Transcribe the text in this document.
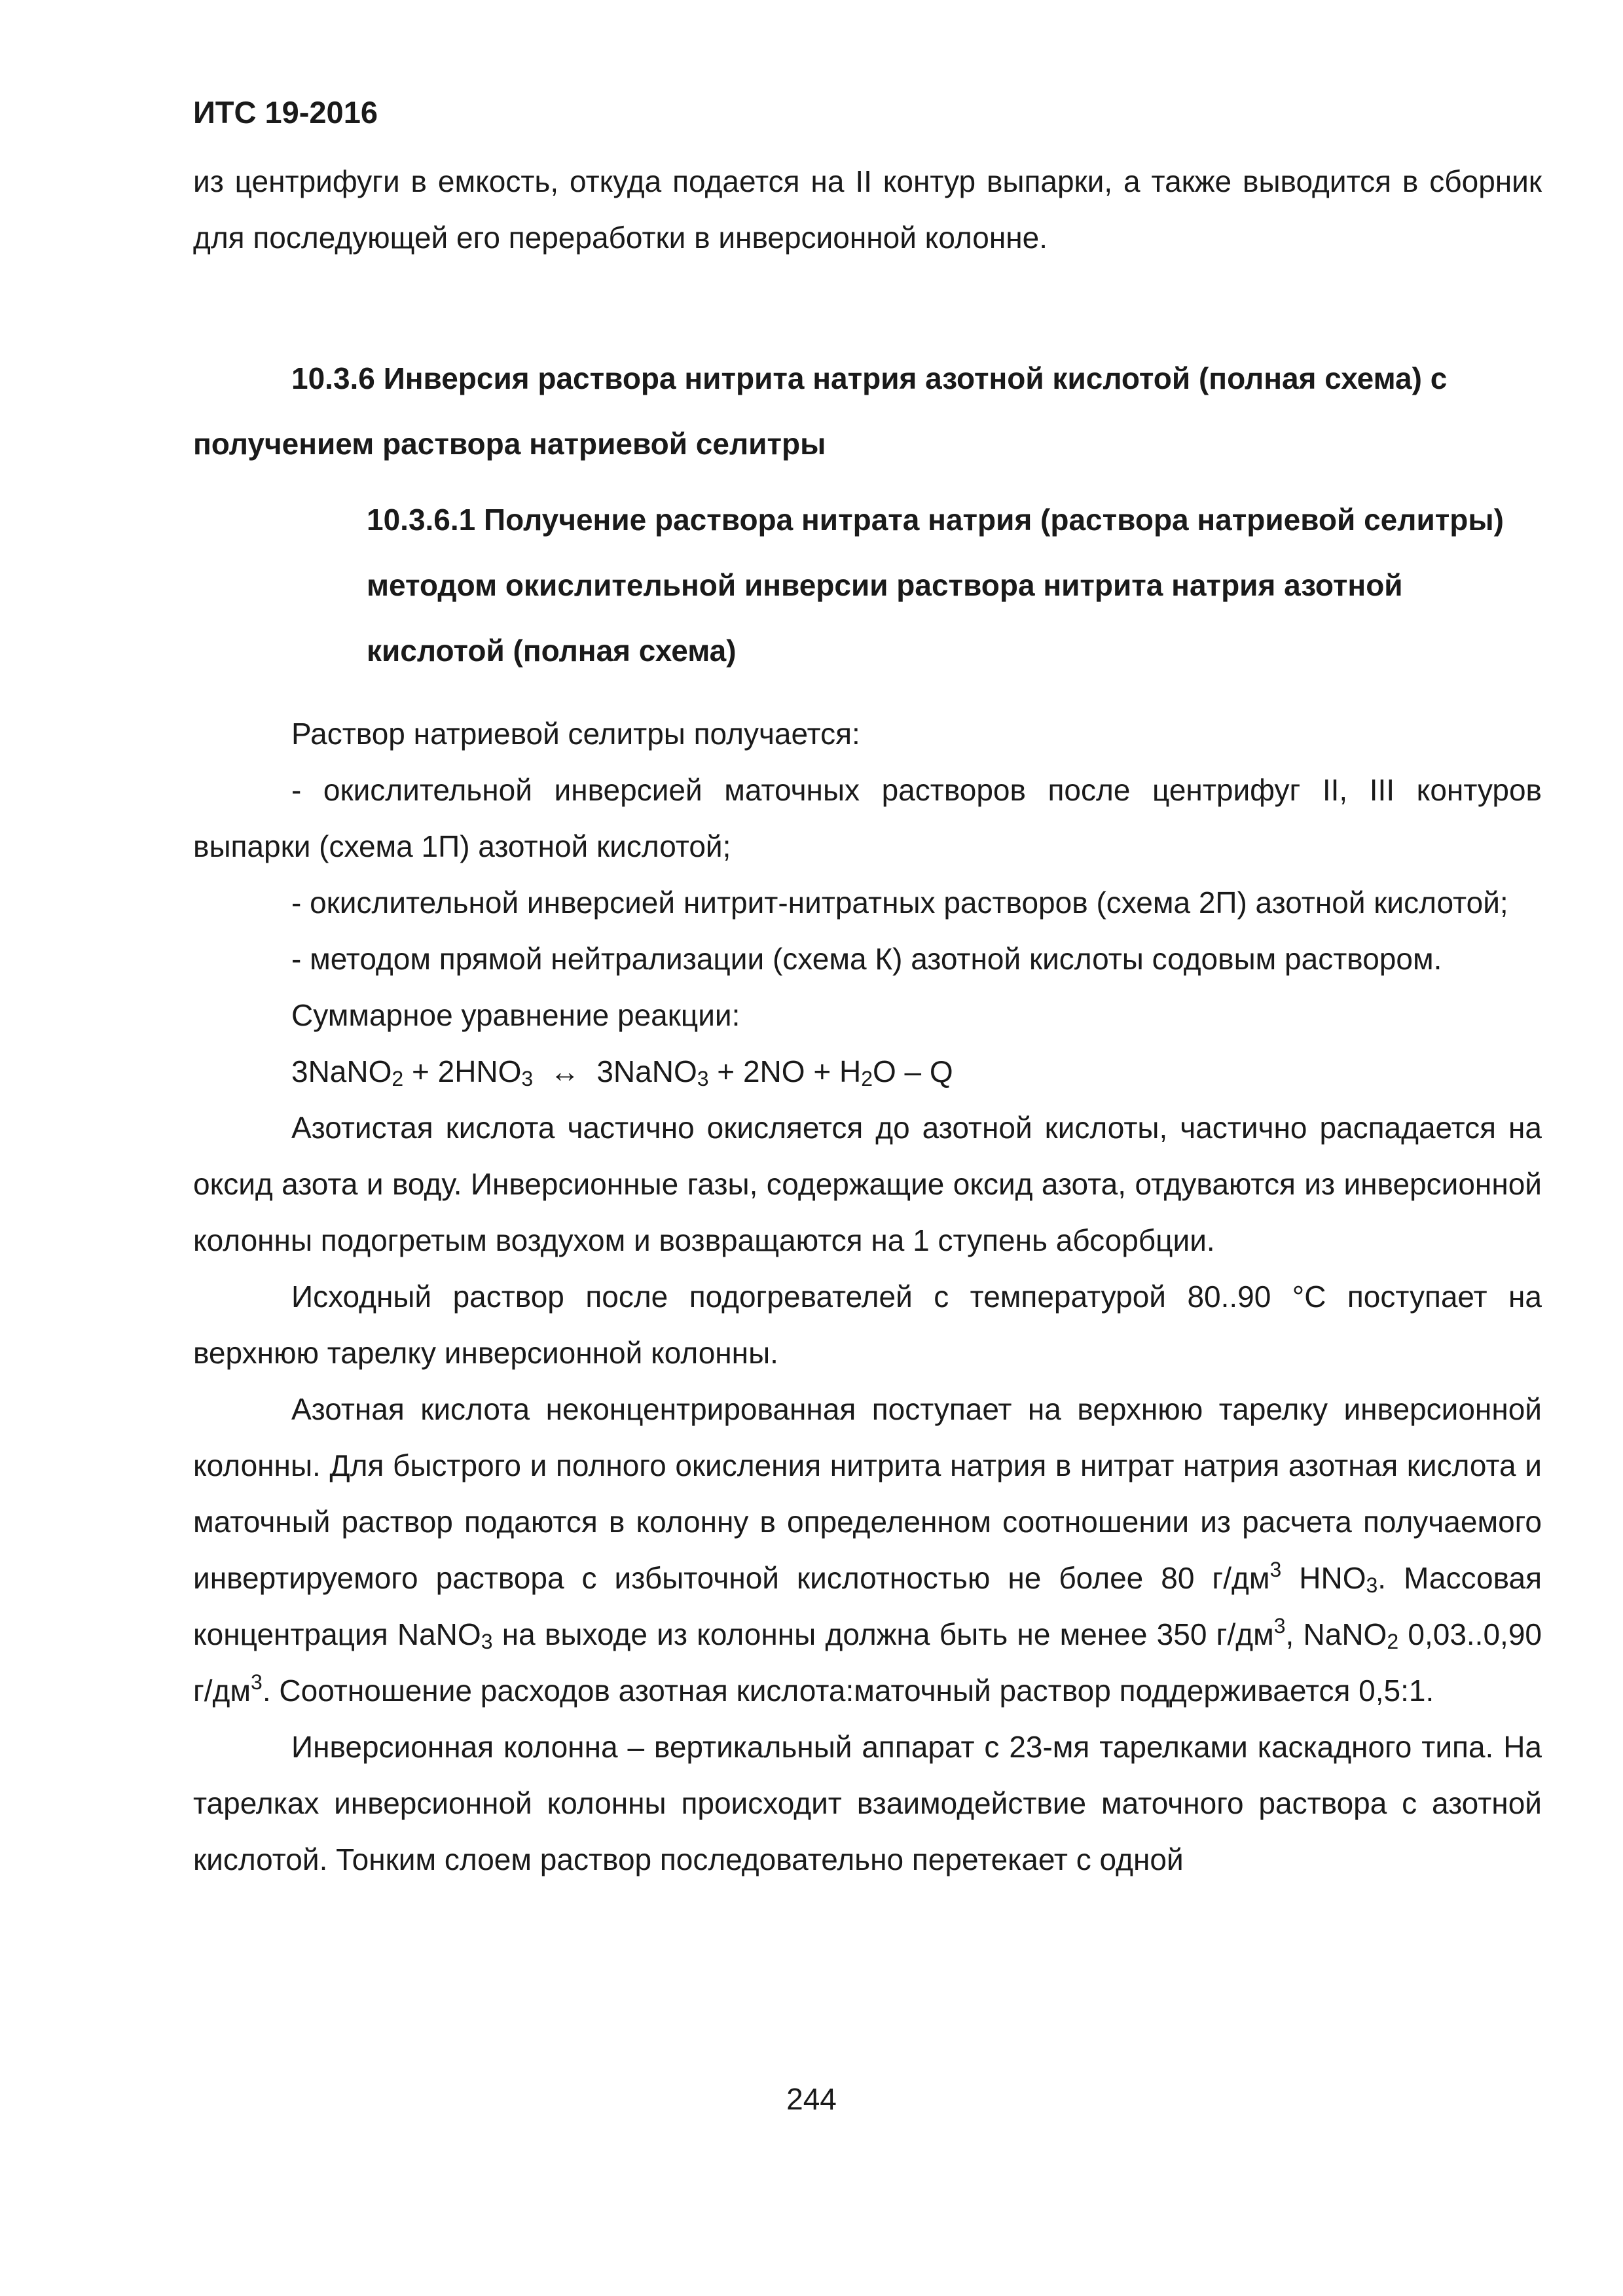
ИТС 19-2016

из центрифуги в емкость, откуда подается на II контур выпарки, а также выводится в сборник для последующей его переработки в инверсионной колонне.

10.3.6 Инверсия раствора нитрита натрия азотной кислотой (полная схема) с получением раствора натриевой селитры

10.3.6.1 Получение раствора нитрата натрия (раствора натриевой селитры) методом окислительной инверсии раствора нитрита натрия азотной кислотой (полная схема)

Раствор натриевой селитры получается:

- окислительной инверсией маточных растворов после центрифуг II, III контуров выпарки (схема 1П) азотной кислотой;

- окислительной инверсией нитрит-нитратных растворов (схема 2П) азотной кислотой;

- методом прямой нейтрализации (схема К) азотной кислоты содовым раствором.

Суммарное уравнение реакции:

3NaNO$_2$ + $2HNO_3$  ↔  3NaNO$_3$ + $2NO + H_2O - Q$

Азотистая кислота частично окисляется до азотной кислоты, частично распадается на оксид азота и воду. Инверсионные газы, содержащие оксид азота, отдуваются из инверсионной колонны подогретым воздухом и возвращаются на 1 ступень абсорбции.

Исходный раствор после подогревателей с температурой 80..90 °С поступает на верхнюю тарелку инверсионной колонны.

Азотная кислота неконцентрированная поступает на верхнюю тарелку инверсионной колонны. Для быстрого и полного окисления нитрита натрия в нитрат натрия азотная кислота и маточный раствор подаются в колонну в определенном соотношении из расчета получаемого инвертируемого раствора с избыточной кислотностью не более 80 $г/дм^3$ $HNO_3$. Массовая концентрация NaNO$_3$ на выходе из колонны должна быть не менее 350 $г/дм^3$, NaNO$_2$ 0,03..0,90 $г/дм^3$. Соотношение расходов азотная кислота:маточный раствор поддерживается 0,5:1.

Инверсионная колонна – вертикальный аппарат с 23-мя тарелками каскадного типа. На тарелках инверсионной колонны происходит взаимодействие маточного раствора с азотной кислотой. Тонким слоем раствор последовательно перетекает с одной

244
